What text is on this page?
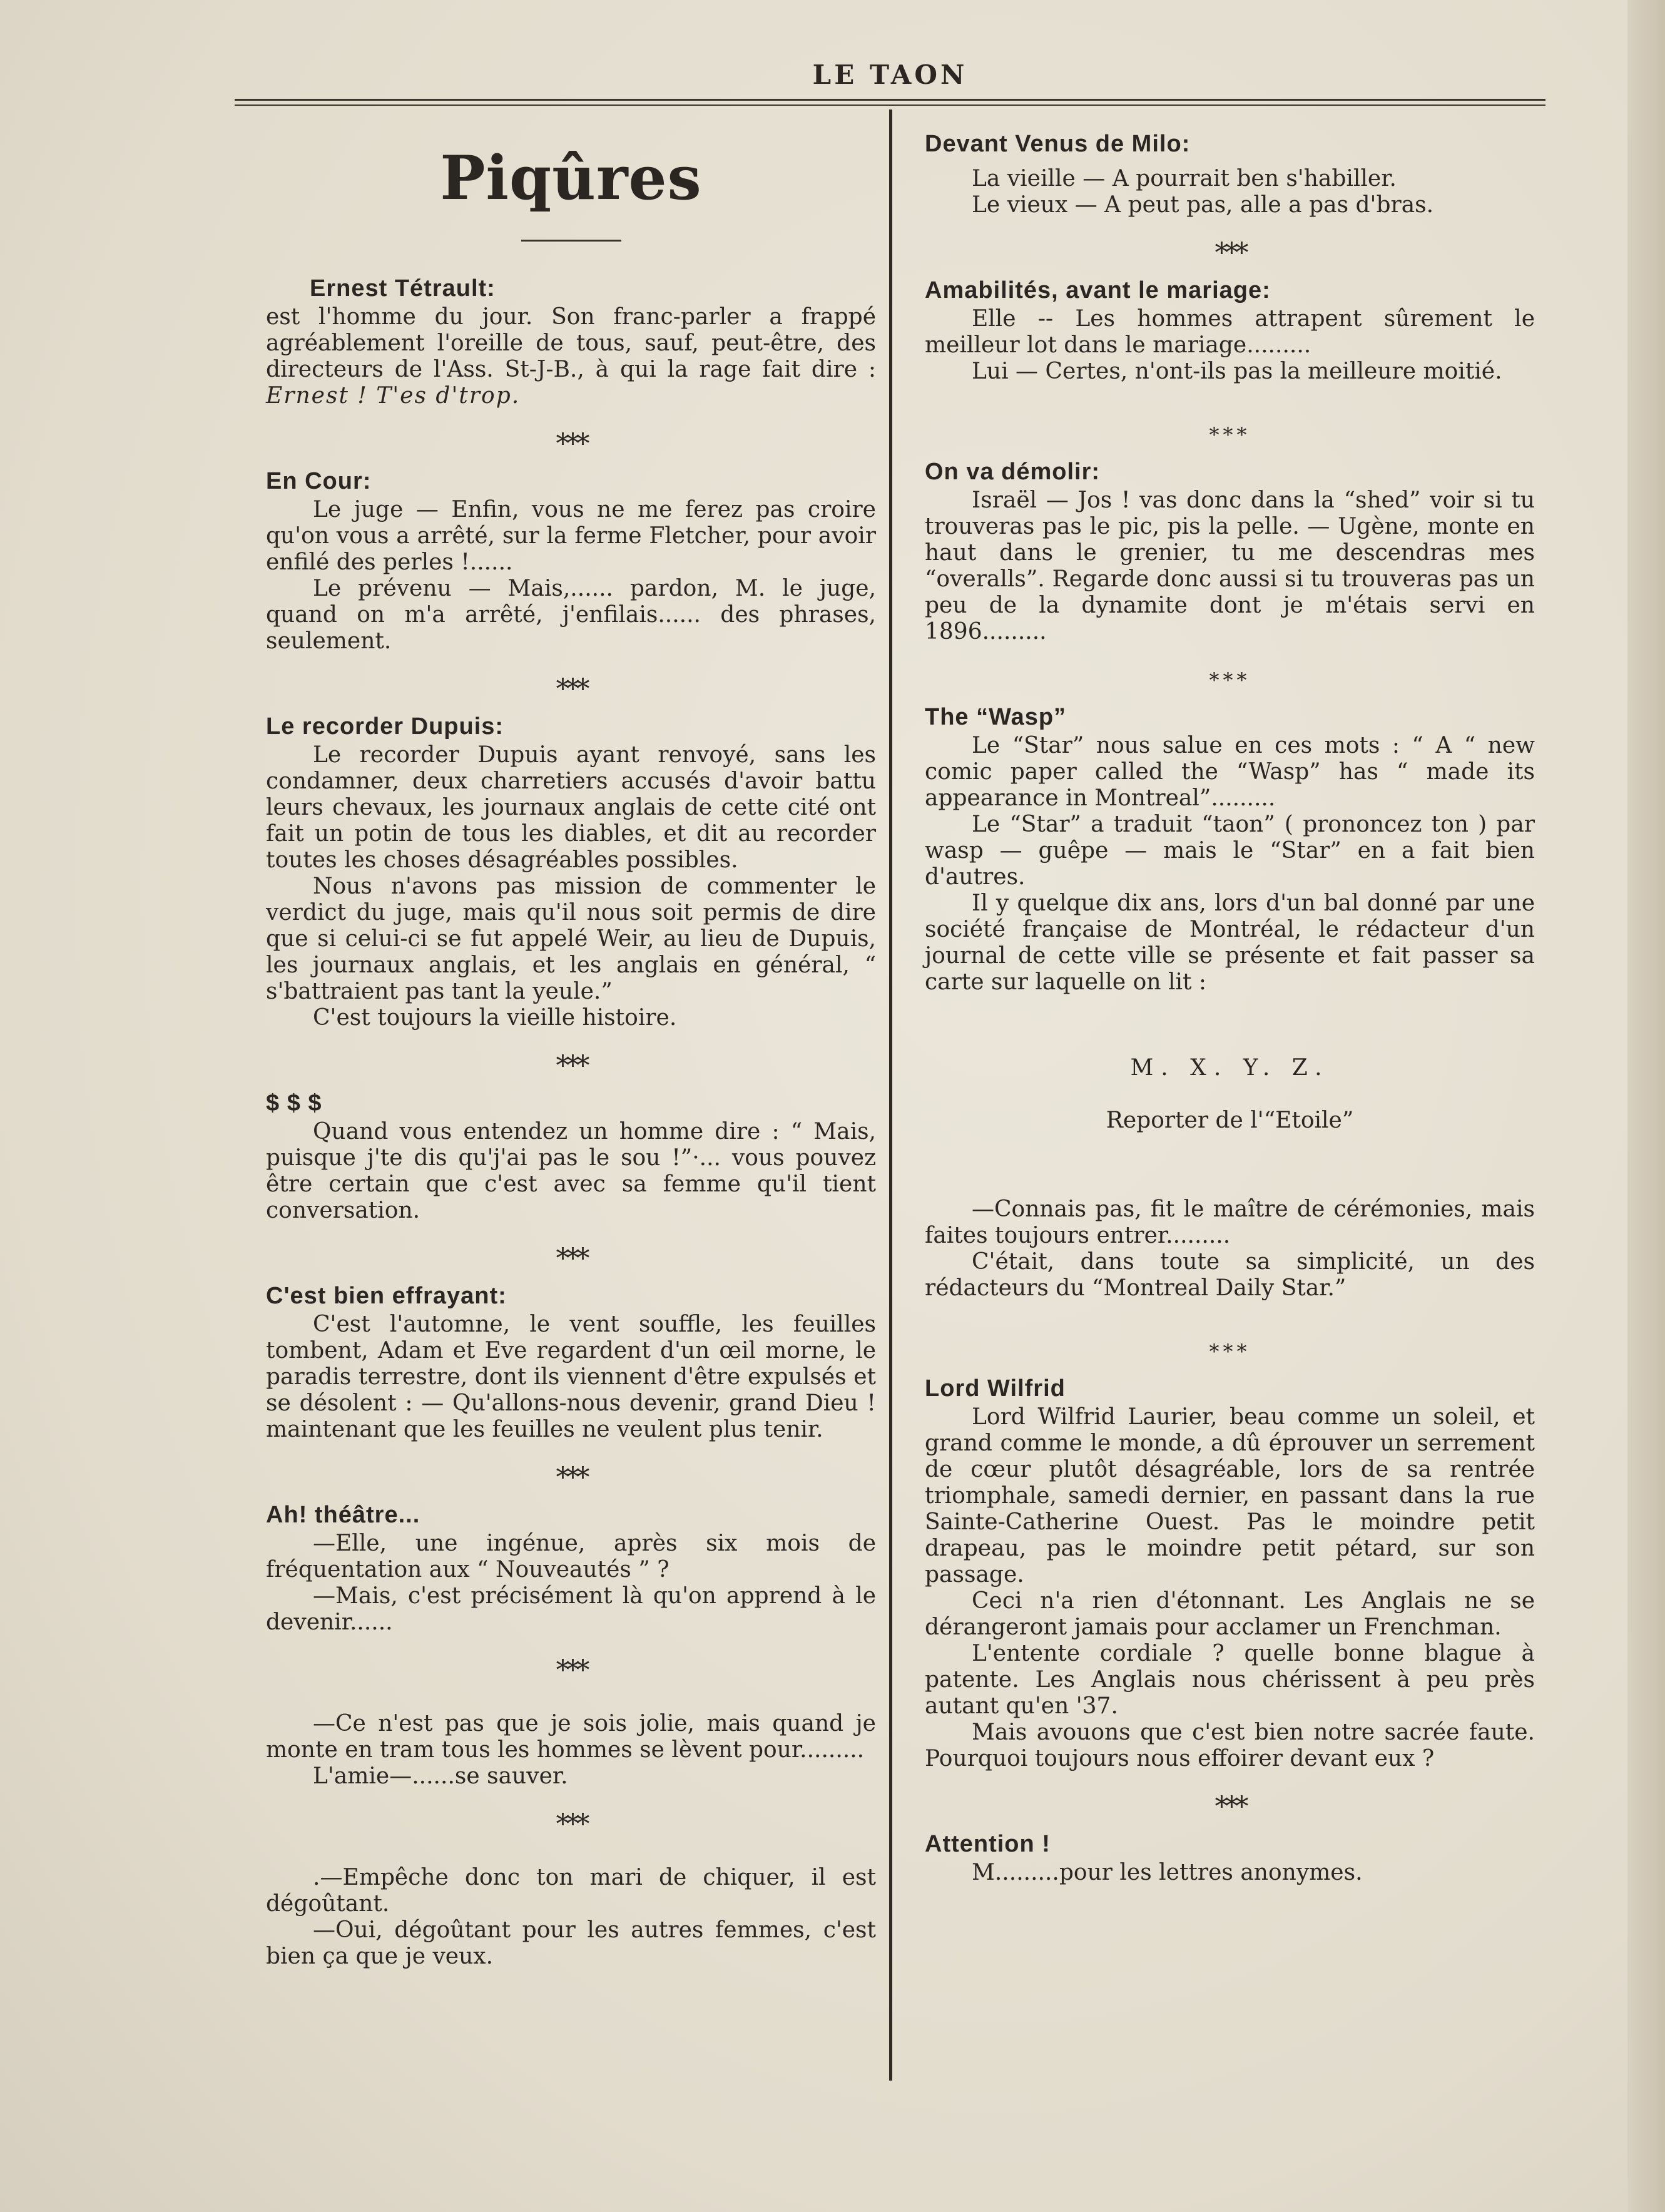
LE TAON
Piqûres

Ernest Tétrault:

est l'homme du jour. Son franc-parler a frappé agréablement l'oreille de tous, sauf, peut-être, des directeurs de l'Ass. St-J-B., à qui la rage fait dire : Ernest ! T'es d'trop.

***

En Cour:

Le juge — Enfin, vous ne me ferez pas croire qu'on vous a arrêté, sur la ferme Fletcher, pour avoir enfilé des perles !......

Le prévenu — Mais,...... pardon, M. le juge, quand on m'a arrêté, j'enfilais...... des phrases, seulement.

***

Le recorder Dupuis:

Le recorder Dupuis ayant renvoyé, sans les condamner, deux charretiers accusés d'avoir battu leurs chevaux, les journaux anglais de cette cité ont fait un potin de tous les diables, et dit au recorder toutes les choses désagréables possibles.

Nous n'avons pas mission de commenter le verdict du juge, mais qu'il nous soit permis de dire que si celui-ci se fut appelé Weir, au lieu de Dupuis, les journaux anglais, et les anglais en général, “ s'battraient pas tant la yeule.”

C'est toujours la vieille histoire.

***

$ $ $

Quand vous entendez un homme dire : “ Mais, puisque j'te dis qu'j'ai pas le sou !”·... vous pouvez être certain que c'est avec sa femme qu'il tient conversation.

***

C'est bien effrayant:

C'est l'automne, le vent souffle, les feuilles tombent, Adam et Eve regardent d'un œil morne, le paradis terrestre, dont ils viennent d'être expulsés et se désolent : — Qu'allons-nous devenir, grand Dieu ! maintenant que les feuilles ne veulent plus tenir.

***

Ah! théâtre...

—Elle, une ingénue, après six mois de fréquentation aux “ Nouveautés ” ?

—Mais, c'est précisément là qu'on apprend à le devenir......

***

—Ce n'est pas que je sois jolie, mais quand je monte en tram tous les hommes se lèvent pour.........

L'amie—......se sauver.

***

.—Empêche donc ton mari de chiquer, il est dégoûtant.

—Oui, dégoûtant pour les autres femmes, c'est bien ça que je veux.

Devant Venus de Milo:

La vieille — A pourrait ben s'habiller.

Le vieux — A peut pas, alle a pas d'bras.

***

Amabilités, avant le mariage:

Elle -- Les hommes attrapent sûrement le meilleur lot dans le mariage.........

Lui — Certes, n'ont-ils pas la meilleure moitié.

***

On va démolir:

Israël — Jos ! vas donc dans la “shed” voir si tu trouveras pas le pic, pis la pelle. — Ugène, monte en haut dans le grenier, tu me descendras mes “overalls”. Regarde donc aussi si tu trouveras pas un peu de la dynamite dont je m'étais servi en 1896.........

***

The “Wasp”

Le “Star” nous salue en ces mots : “ A “ new comic paper called the “Wasp” has “ made its appearance in Montreal”.........

Le “Star” a traduit “taon” ( prononcez ton ) par wasp — guêpe — mais le “Star” en a fait bien d'autres.

Il y quelque dix ans, lors d'un bal donné par une société française de Montréal, le rédacteur d'un journal de cette ville se présente et fait passer sa carte sur laquelle on lit :

M. X. Y. Z.
Reporter de l'“Etoile”

—Connais pas, fit le maître de cérémonies, mais faites toujours entrer.........

C'était, dans toute sa simplicité, un des rédacteurs du “Montreal Daily Star.”

***

Lord Wilfrid

Lord Wilfrid Laurier, beau comme un soleil, et grand comme le monde, a dû éprouver un serrement de cœur plutôt désagréable, lors de sa rentrée triomphale, samedi dernier, en passant dans la rue Sainte-Catherine Ouest. Pas le moindre petit drapeau, pas le moindre petit pétard, sur son passage.

Ceci n'a rien d'étonnant. Les Anglais ne se dérangeront jamais pour acclamer un Frenchman.

L'entente cordiale ? quelle bonne blague à patente. Les Anglais nous chérissent à peu près autant qu'en '37.

Mais avouons que c'est bien notre sacrée faute. Pourquoi toujours nous effoirer devant eux ?

***

Attention !

M.........pour les lettres anonymes.
